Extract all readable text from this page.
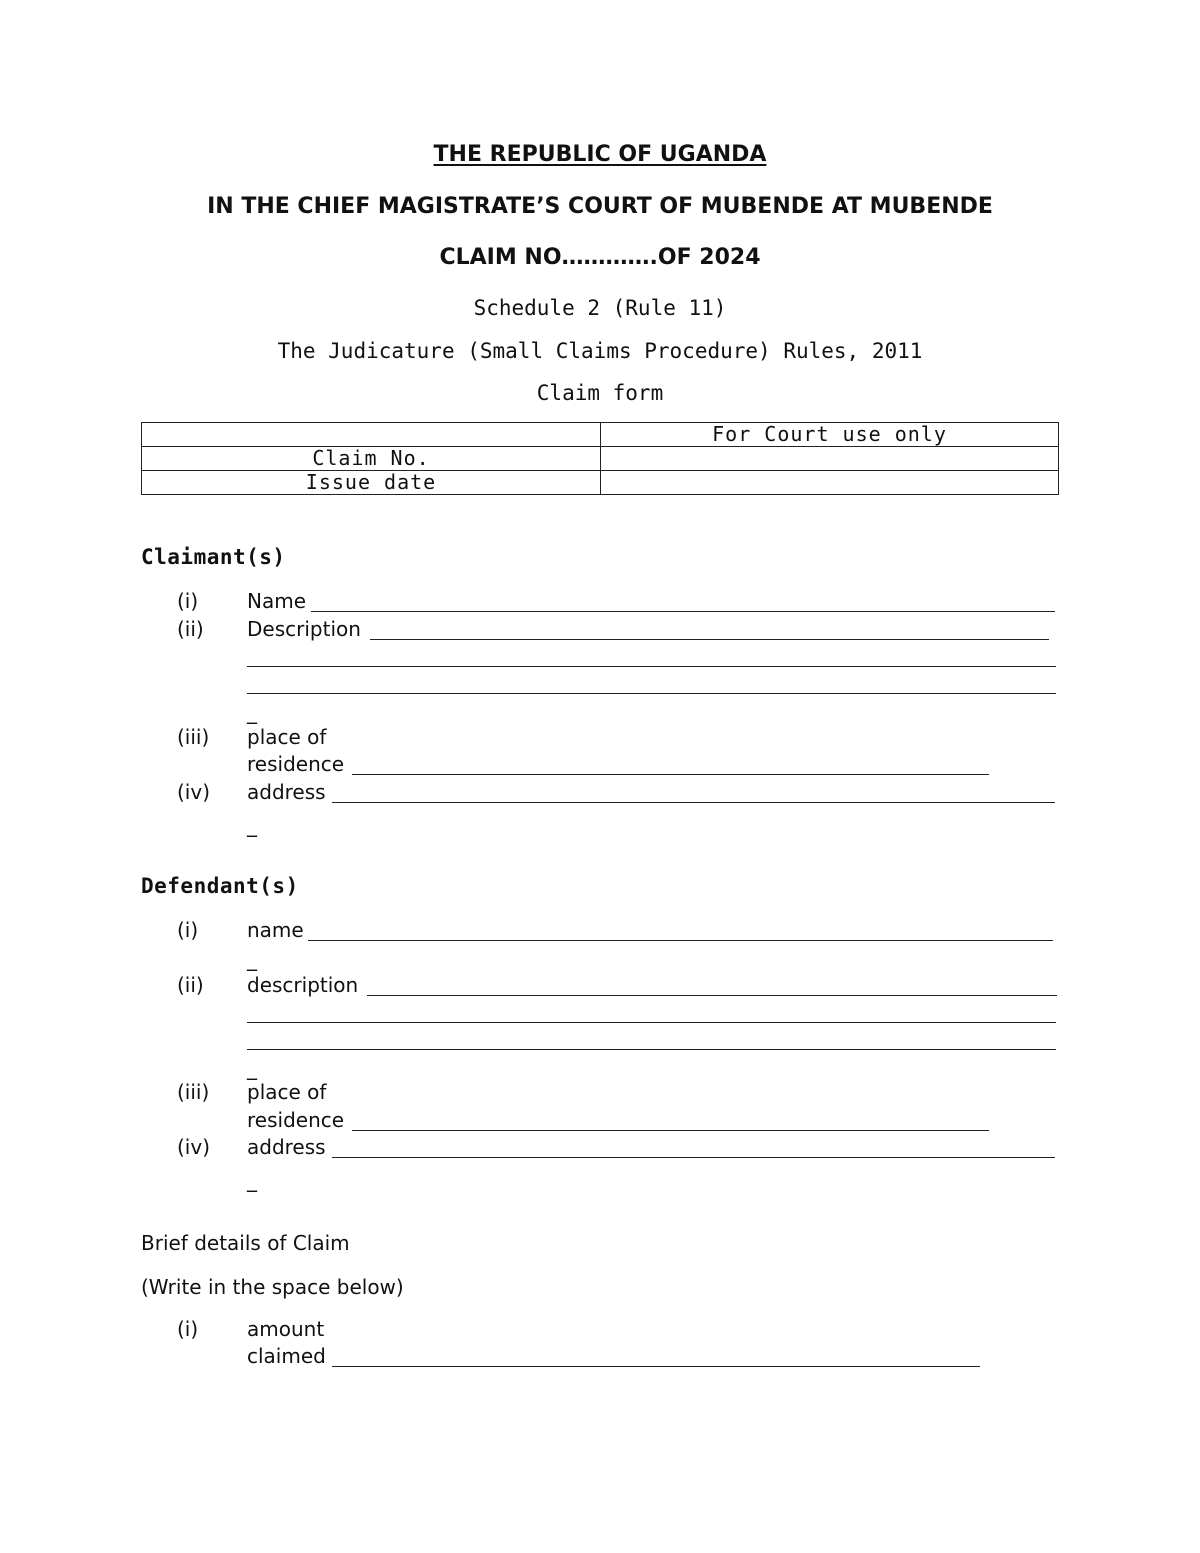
THE REPUBLIC OF UGANDA
IN THE CHIEF MAGISTRATE’S COURT OF MUBENDE AT MUBENDE
CLAIM NO………….OF 2024
Schedule 2 (Rule 11)
The Judicature (Small Claims Procedure) Rules, 2011
Claim form
	For Court use only
Claim No.	
Issue date	
Claimant(s)
(i) Name
(ii) Description
_
(iii) place of
residence
(iv) address
_
Defendant(s)
(i) name
_
(ii) description
_
(iii) place of
residence
(iv) address
_
Brief details of Claim
(Write in the space below)
(i) amount
claimed
